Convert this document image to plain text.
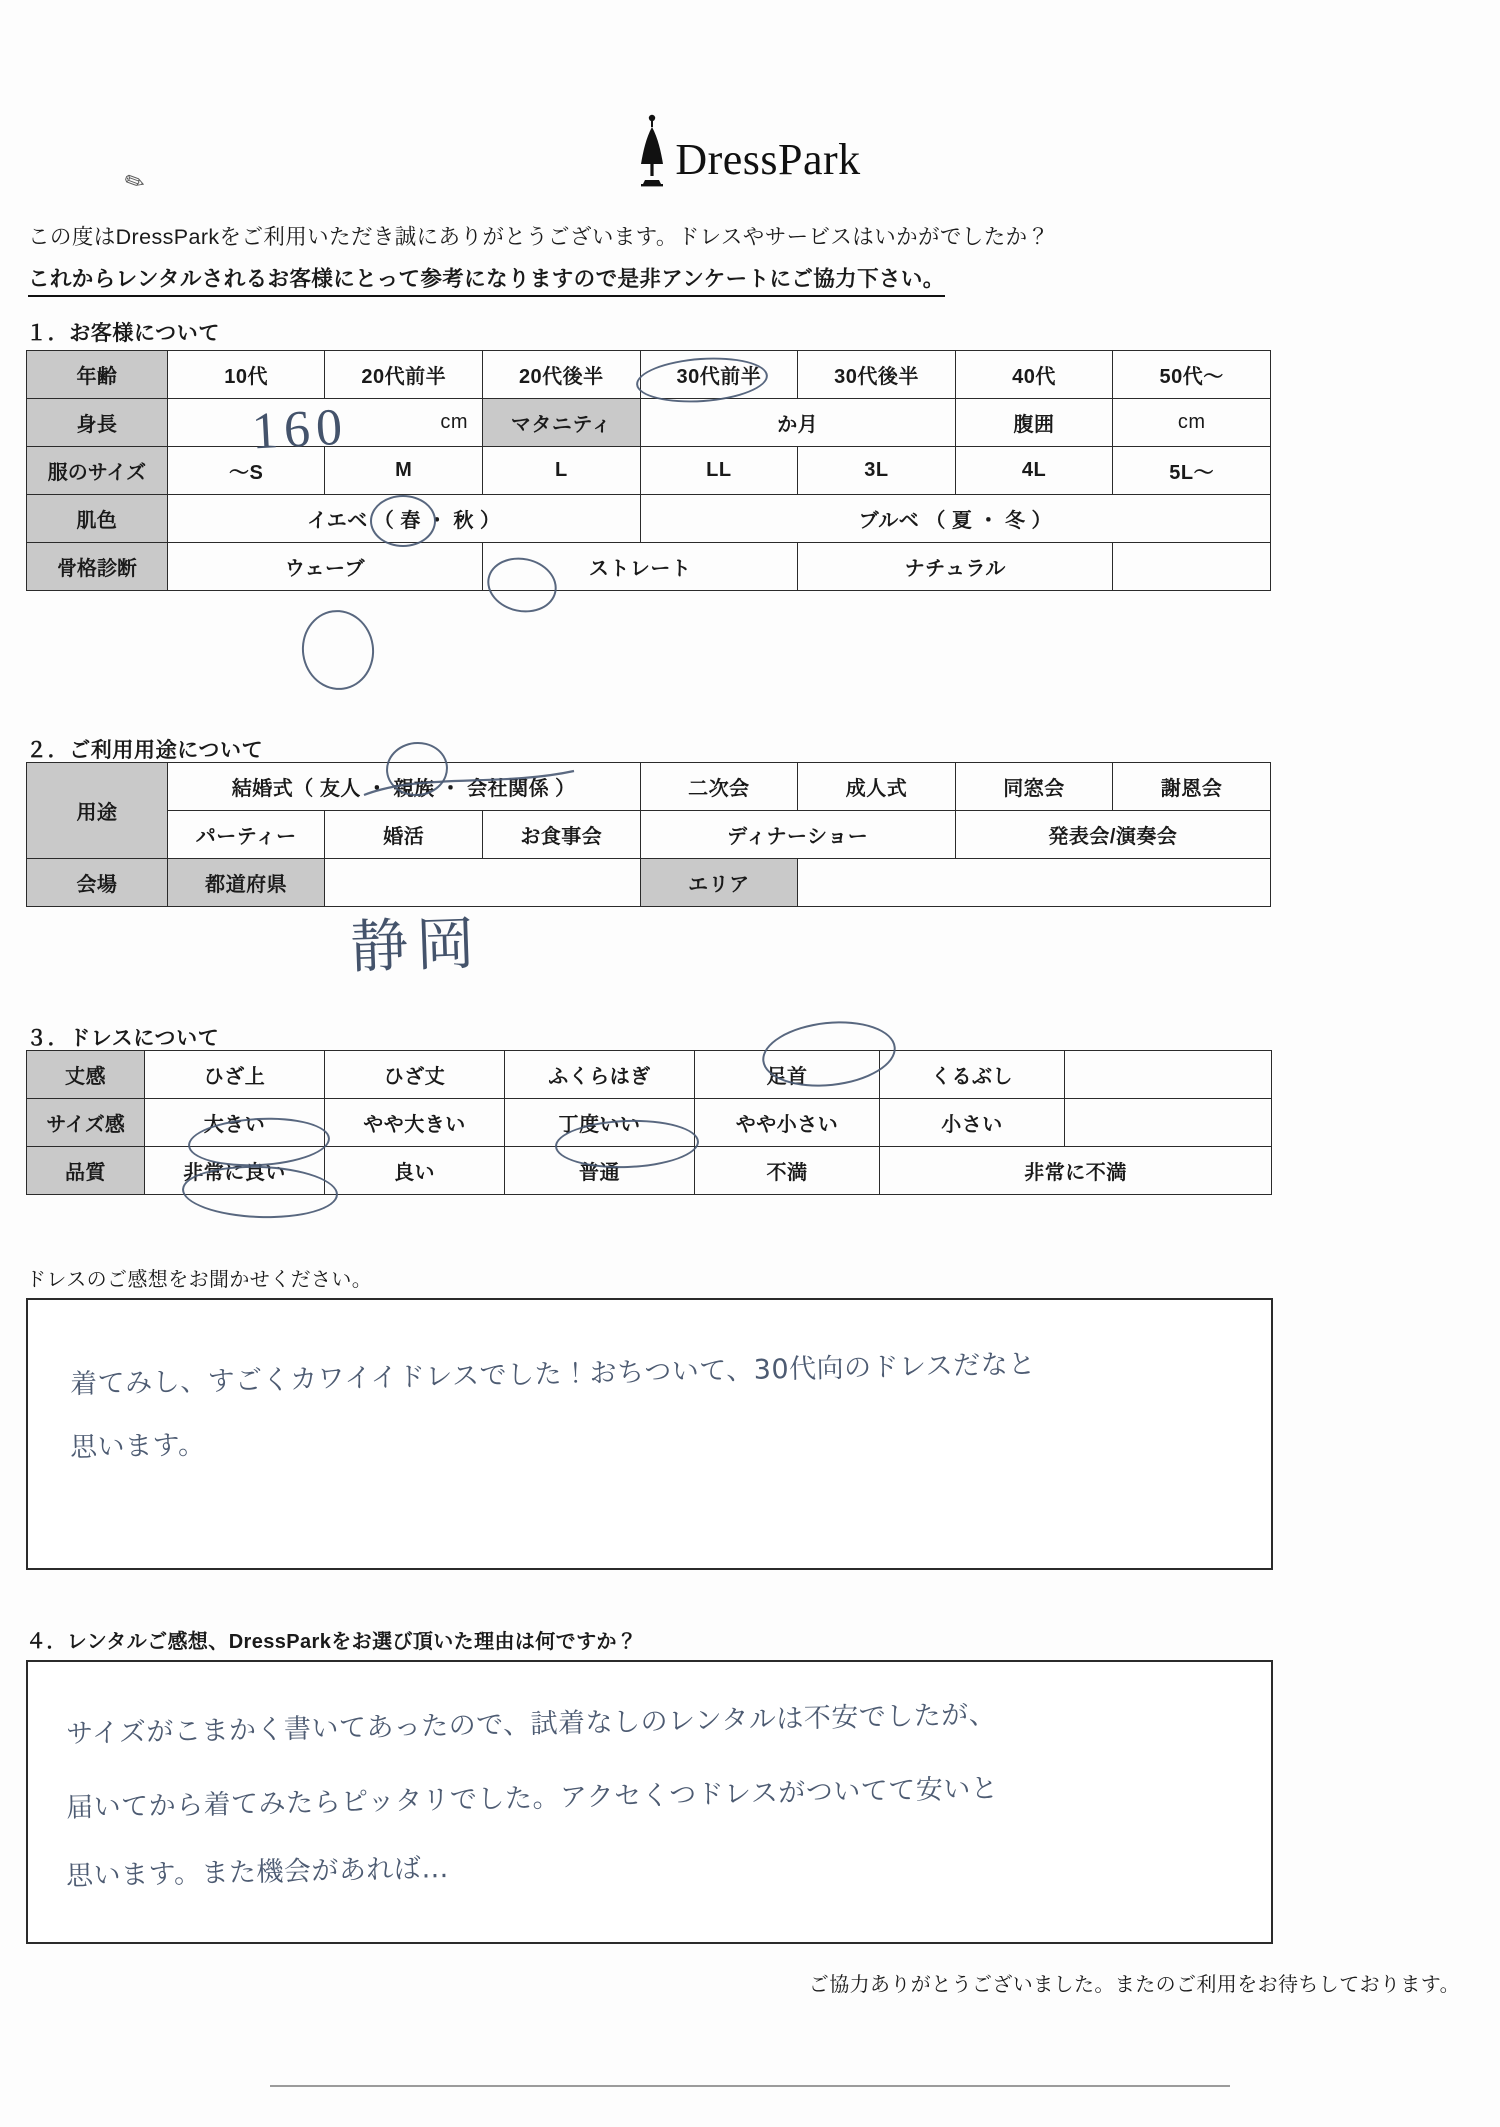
✎	DressPark
この度はDressParkをご利用いただき誠にありがとうございます。ドレスやサービスはいかがでしたか？
これからレンタルされるお客様にとって参考になりますので是非アンケートにご協力下さい。
１．お客様について
年齢	10代	20代前半	20代後半	30代前半	30代後半	40代	50代〜
身長	cm		マタニティ	か月		腹囲	cm
服のサイズ	〜S	M	L	LL	3L	4L	5L〜
肌色	イエベ （ 春 ・ 秋 ）			ブルベ （ 夏 ・ 冬 ）			
骨格診断	ウェーブ		ストレート		ナチュラル		
160
２．ご利用用途について
用途	結婚式（ 友人 ・ 親族 ・ 会社関係 ）			二次会	成人式	同窓会	謝恩会
	パーティー	婚活	お食事会	ディナーショー		発表会/演奏会	
会場	都道府県			エリア			
静岡
３．ドレスについて
丈感	ひざ上	ひざ丈	ふくらはぎ	足首	くるぶし	
サイズ感	大きい	やや大きい	丁度いい	やや小さい	小さい	
品質	非常に良い	良い	普通	不満	非常に不満	
ドレスのご感想をお聞かせください。
着てみし、すごくカワイイドレスでした！おちついて、30代向のドレスだなと
思います。
４．レンタルご感想、DressParkをお選び頂いた理由は何ですか？
サイズがこまかく書いてあったので、試着なしのレンタルは不安でしたが、
届いてから着てみたらピッタリでした。アクセくつドレスがついてて安いと
思います。また機会があれば…
ご協力ありがとうございました。またのご利用をお待ちしております。
